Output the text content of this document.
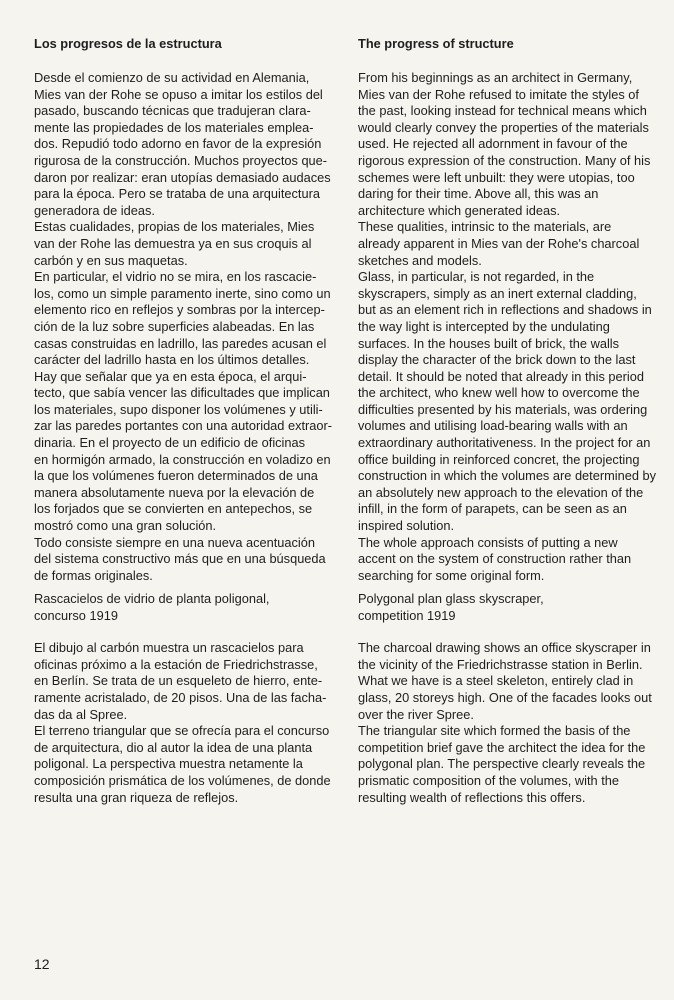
Los progresos de la estructura
Desde el comienzo de su actividad en Alemania,
Mies van der Rohe se opuso a imitar los estilos del
pasado, buscando técnicas que tradujeran clara-
mente las propiedades de los materiales emplea-
dos. Repudió todo adorno en favor de la expresión
rigurosa de la construcción. Muchos proyectos que-
daron por realizar: eran utopías demasiado audaces
para la época. Pero se trataba de una arquitectura
generadora de ideas.
Estas cualidades, propias de los materiales, Mies
van der Rohe las demuestra ya en sus croquis al
carbón y en sus maquetas.
En particular, el vidrio no se mira, en los rascacie-
los, como un simple paramento inerte, sino como un
elemento rico en reflejos y sombras por la intercep-
ción de la luz sobre superficies alabeadas. En las
casas construidas en ladrillo, las paredes acusan el
carácter del ladrillo hasta en los últimos detalles.
Hay que señalar que ya en esta época, el arqui-
tecto, que sabía vencer las dificultades que implican
los materiales, supo disponer los volúmenes y utili-
zar las paredes portantes con una autoridad extraor-
dinaria. En el proyecto de un edificio de oficinas
en hormigón armado, la construcción en voladizo en
la que los volúmenes fueron determinados de una
manera absolutamente nueva por la elevación de
los forjados que se convierten en antepechos, se
mostró como una gran solución.
Todo consiste siempre en una nueva acentuación
del sistema constructivo más que en una búsqueda
de formas originales.
The progress of structure
From his beginnings as an architect in Germany,
Mies van der Rohe refused to imitate the styles of
the past, looking instead for technical means which
would clearly convey the properties of the materials
used. He rejected all adornment in favour of the
rigorous expression of the construction. Many of his
schemes were left unbuilt: they were utopias, too
daring for their time. Above all, this was an
architecture which generated ideas.
These qualities, intrinsic to the materials, are
already apparent in Mies van der Rohe's charcoal
sketches and models.
Glass, in particular, is not regarded, in the
skyscrapers, simply as an inert external cladding,
but as an element rich in reflections and shadows in
the way light is intercepted by the undulating
surfaces. In the houses built of brick, the walls
display the character of the brick down to the last
detail. It should be noted that already in this period
the architect, who knew well how to overcome the
difficulties presented by his materials, was ordering
volumes and utilising load-bearing walls with an
extraordinary authoritativeness. In the project for an
office building in reinforced concret, the projecting
construction in which the volumes are determined by
an absolutely new approach to the elevation of the
infill, in the form of parapets, can be seen as an
inspired solution.
The whole approach consists of putting a new
accent on the system of construction rather than
searching for some original form.
Rascacielos de vidrio de planta poligonal,
concurso 1919
El dibujo al carbón muestra un rascacielos para
oficinas próximo a la estación de Friedrichstrasse,
en Berlín. Se trata de un esqueleto de hierro, ente-
ramente acristalado, de 20 pisos. Una de las facha-
das da al Spree.
El terreno triangular que se ofrecía para el concurso
de arquitectura, dio al autor la idea de una planta
poligonal. La perspectiva muestra netamente la
composición prismática de los volúmenes, de donde
resulta una gran riqueza de reflejos.
Polygonal plan glass skyscraper,
competition 1919
The charcoal drawing shows an office skyscraper in
the vicinity of the Friedrichstrasse station in Berlin.
What we have is a steel skeleton, entirely clad in
glass, 20 storeys high. One of the facades looks out
over the river Spree.
The triangular site which formed the basis of the
competition brief gave the architect the idea for the
polygonal plan. The perspective clearly reveals the
prismatic composition of the volumes, with the
resulting wealth of reflections this offers.
12
